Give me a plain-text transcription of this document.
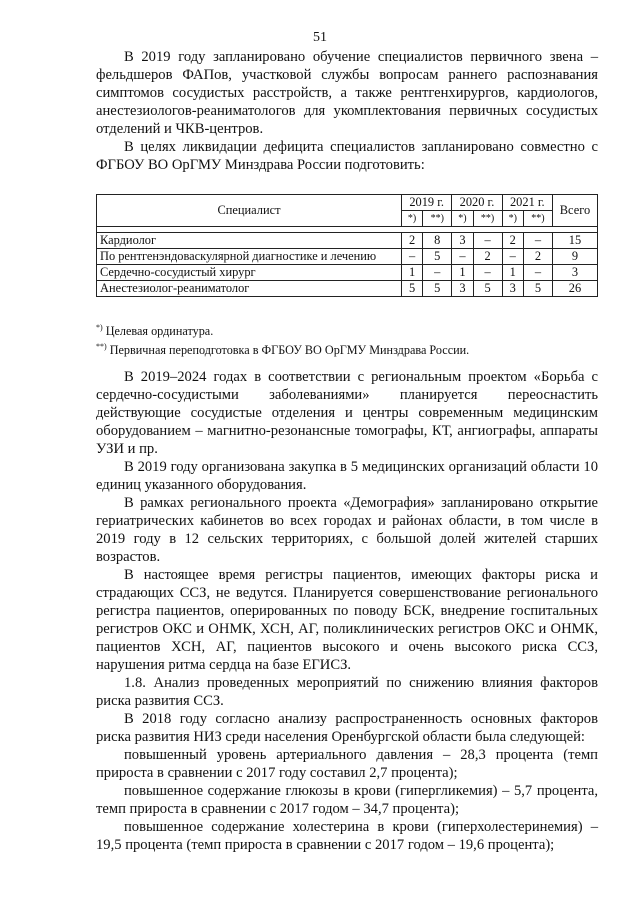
51

В 2019 году запланировано обучение специалистов первичного звена – фельдшеров ФАПов, участковой службы вопросам раннего распознавания симптомов сосудистых расстройств, а также рентгенхирургов, кардиологов, анестезиологов-реаниматологов для укомплектования первичных сосудистых отделений и ЧКВ-центров.

В целях ликвидации дефицита специалистов запланировано совместно с ФГБОУ ВО ОрГМУ Минздрава России подготовить:

Специалист	2019 г.		2020 г.		2021 г.		Всего
	*)	**)	*)	**)	*)	**)	

Кардиолог	2	8	3	–	2	–	15
По рентгенэндоваскулярной диагностике и лечению	–	5	–	2	–	2	9
Сердечно-сосудистый хирург	1	–	1	–	1	–	3
Анестезиолог-реаниматолог	5	5	3	5	3	5	26
*) Целевая ординатура.
**) Первичная переподготовка в ФГБОУ ВО ОрГМУ Минздрава России.

В 2019–2024 годах в соответствии с региональным проектом «Борьба с сердечно-сосудистыми заболеваниями» планируется переоснастить действующие сосудистые отделения и центры современным медицинским оборудованием – магнитно-резонансные томографы, КТ, ангиографы, аппараты УЗИ и пр.

В 2019 году организована закупка в 5 медицинских организаций области 10 единиц указанного оборудования.

В рамках регионального проекта «Демография» запланировано открытие гериатрических кабинетов во всех городах и районах области, в том числе в 2019 году в 12 сельских территориях, с большой долей жителей старших возрастов.

В настоящее время регистры пациентов, имеющих факторы риска и страдающих ССЗ, не ведутся. Планируется совершенствование регионального регистра пациентов, оперированных по поводу БСК, внедрение госпитальных регистров ОКС и ОНМК, ХСН, АГ, поликлинических регистров ОКС и ОНМК, пациентов ХСН, АГ, пациентов высокого и очень высокого риска ССЗ, нарушения ритма сердца на базе ЕГИСЗ.

1.8. Анализ проведенных мероприятий по снижению влияния факторов риска развития ССЗ.

В 2018 году согласно анализу распространенность основных факторов риска развития НИЗ среди населения Оренбургской области была следующей:

повышенный уровень артериального давления – 28,3 процента (темп прироста в сравнении с 2017 году составил 2,7 процента);

повышенное содержание глюкозы в крови (гипергликемия) – 5,7 процента, темп прироста в сравнении с 2017 годом – 34,7 процента);

повышенное содержание холестерина в крови (гиперхолестеринемия) – 19,5 процента (темп прироста в сравнении с 2017 годом – 19,6 процента);
